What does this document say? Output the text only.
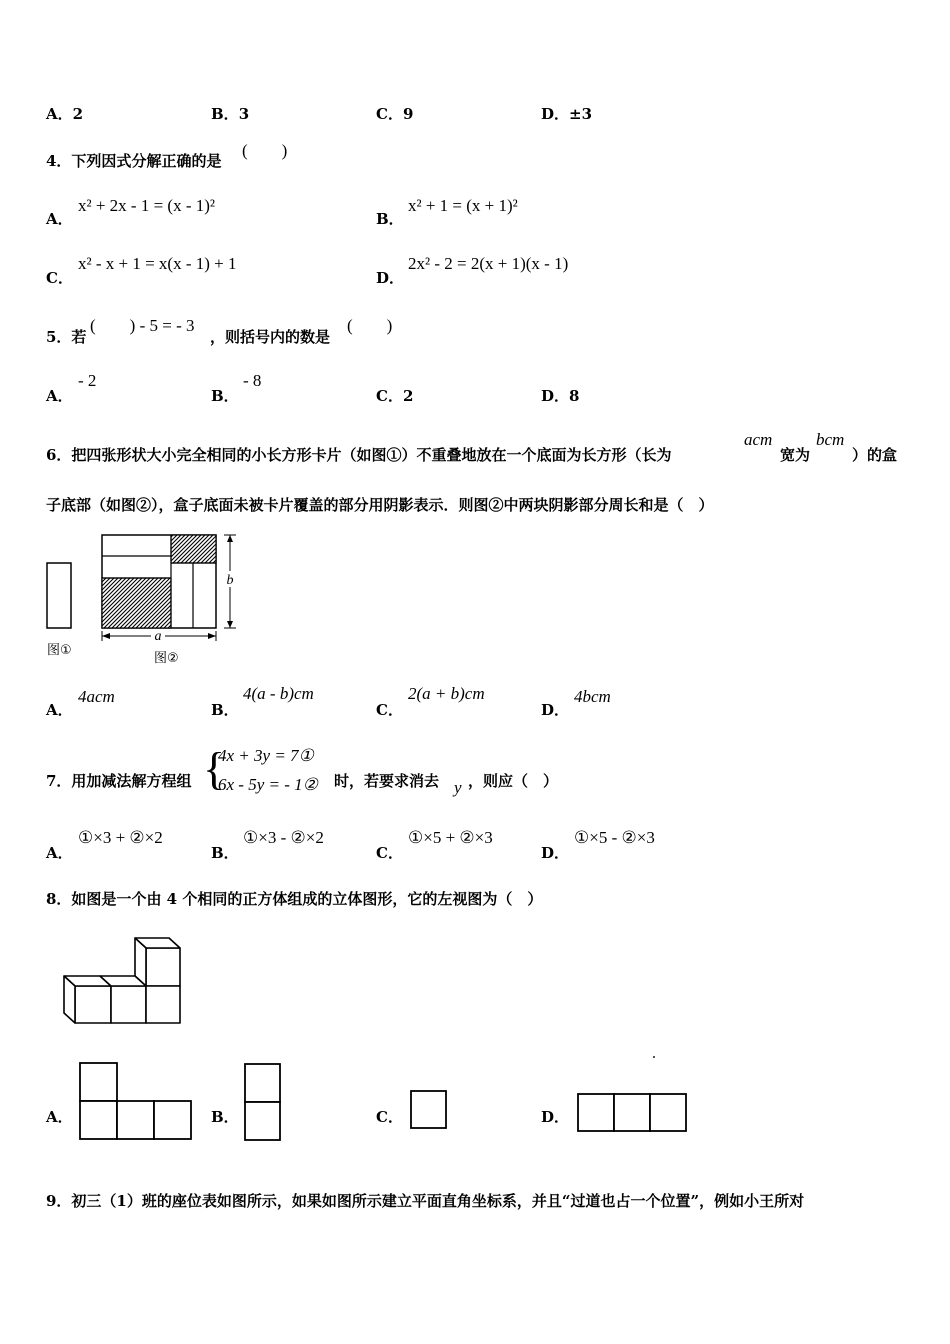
A．2	B．3	C．9	D．±3
4．下列因式分解正确的是
(　　)
A．
x² + 2x - 1 = (x - 1)²
B．
x² + 1 = (x + 1)²
C．
x² - x + 1 = x(x - 1) + 1
D．
2x² - 2 = 2(x + 1)(x - 1)
5．若
(　　) - 5 = - 3
，则括号内的数是
(　　)
A．
- 2
B．
- 8
C．2	D．8
6．把四张形状大小完全相同的小长方形卡片（如图①）不重叠地放在一个底面为长方形（长为
acm
宽为
bcm
）的盒
子底部（如图②），盒子底面未被卡片覆盖的部分用阴影表示．则图②中两块阴影部分周长和是（　）
b
a
图①
图②
A．
4acm
B．
4(a - b)cm
C．
2(a + b)cm
D．
4bcm
7．用加减法解方程组 {
4x + 3y = 7①
6x - 5y = - 1② 时，若要求消去 y ，则应（　）
A．
①×3 + ②×2
B．
①×3 - ②×2
C．
①×5 + ②×3
D．
①×5 - ②×3
8．如图是一个由 4 个相同的正方体组成的立体图形，它的左视图为（　）
A．	B．	C．	D．
9．初三（1）班的座位表如图所示，如果如图所示建立平面直角坐标系，并且“过道也占一个位置”，例如小王所对
